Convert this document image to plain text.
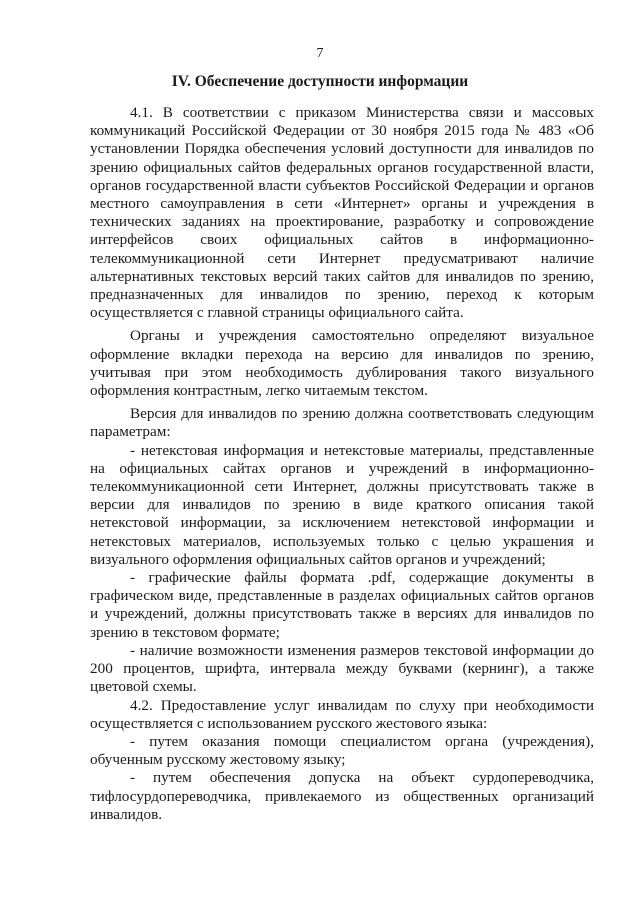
7
IV. Обеспечение доступности информации

4.1. В соответствии с приказом Министерства связи и массовых коммуникаций Российской Федерации от 30 ноября 2015 года № 483 «Об установлении Порядка обеспечения условий доступности для инвалидов по зрению официальных сайтов федеральных органов государственной власти, органов государственной власти субъектов Российской Федерации и органов местного самоуправления в сети «Интернет» органы и учреждения в технических заданиях на проектирование, разработку и сопровождение интерфейсов своих официальных сайтов в информационно-телекоммуникационной сети Интернет предусматривают наличие альтернативных текстовых версий таких сайтов для инвалидов по зрению, предназначенных для инвалидов по зрению, переход к которым осуществляется с главной страницы официального сайта.

Органы и учреждения самостоятельно определяют визуальное оформление вкладки перехода на версию для инвалидов по зрению, учитывая при этом необходимость дублирования такого визуального оформления контрастным, легко читаемым текстом.

Версия для инвалидов по зрению должна соответствовать следующим параметрам:

- нетекстовая информация и нетекстовые материалы, представленные на официальных сайтах органов и учреждений в информационно-телекоммуникационной сети Интернет, должны присутствовать также в версии для инвалидов по зрению в виде краткого описания такой нетекстовой информации, за исключением нетекстовой информации и нетекстовых материалов, используемых только с целью украшения и визуального оформления официальных сайтов органов и учреждений;

- графические файлы формата .pdf, содержащие документы в графическом виде, представленные в разделах официальных сайтов органов и учреждений, должны присутствовать также в версиях для инвалидов по зрению в текстовом формате;

- наличие возможности изменения размеров текстовой информации до 200 процентов, шрифта, интервала между буквами (кернинг), а также цветовой схемы.

4.2. Предоставление услуг инвалидам по слуху при необходимости осуществляется с использованием русского жестового языка:

- путем оказания помощи специалистом органа (учреждения), обученным русскому жестовому языку;

- путем обеспечения допуска на объект сурдопереводчика, тифлосурдопереводчика, привлекаемого из общественных организаций инвалидов.
